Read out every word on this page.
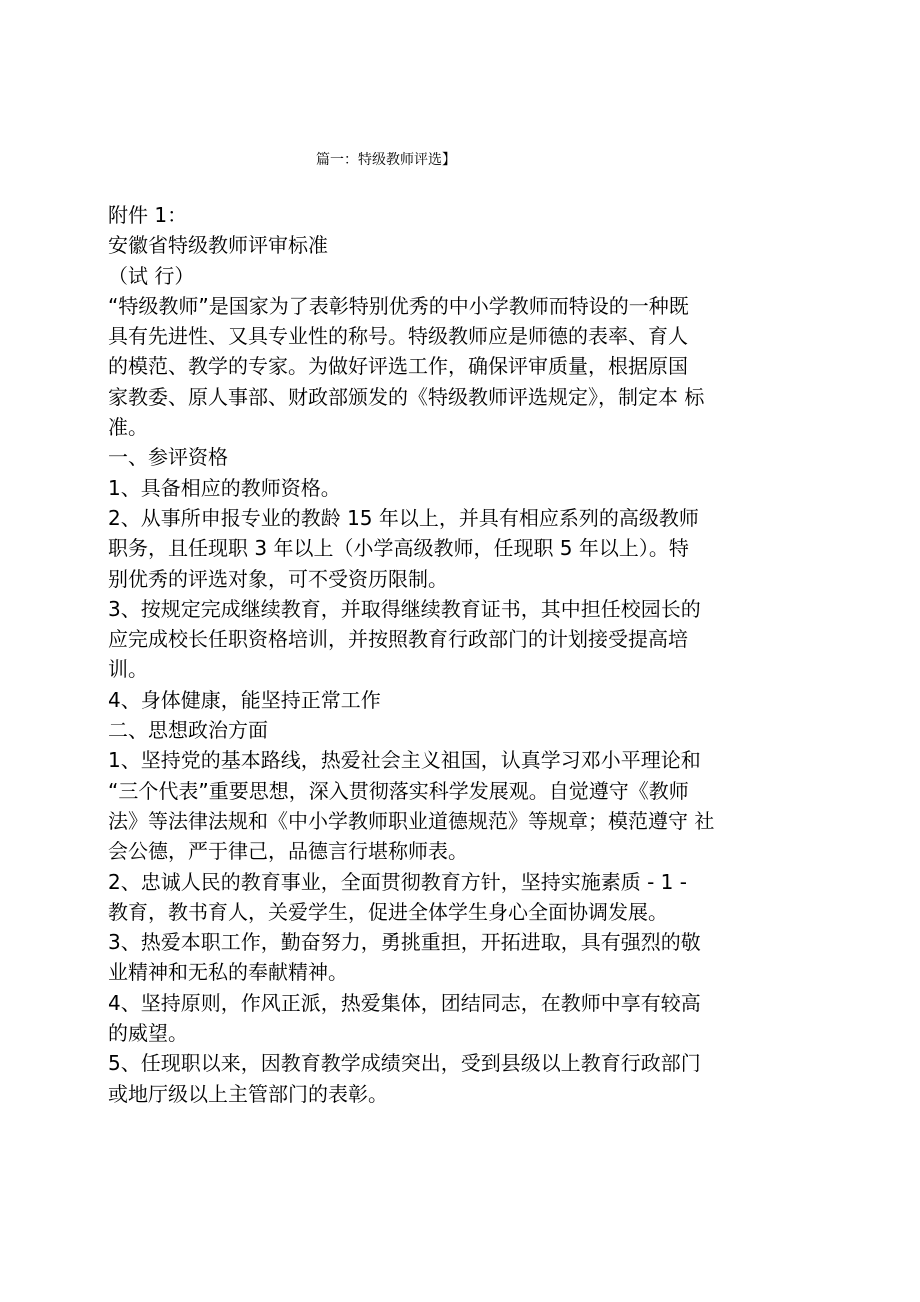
篇一：特级教师评选】
附件 1：
安徽省特级教师评审标准
（试 行）
“特级教师”是国家为了表彰特别优秀的中小学教师而特设的一种既
具有先进性、又具专业性的称号。特级教师应是师德的表率、育人
的模范、教学的专家。为做好评选工作，确保评审质量，根据原国
家教委、原人事部、财政部颁发的《特级教师评选规定》，制定本 标
准。
一、参评资格
1、具备相应的教师资格。
2、从事所申报专业的教龄 15 年以上，并具有相应系列的高级教师
职务，且任现职 3 年以上（小学高级教师，任现职 5 年以上）。特
别优秀的评选对象，可不受资历限制。
3、按规定完成继续教育，并取得继续教育证书，其中担任校园长的
应完成校长任职资格培训，并按照教育行政部门的计划接受提高培
训。
4、身体健康，能坚持正常工作
二、思想政治方面
1、坚持党的基本路线，热爱社会主义祖国，认真学习邓小平理论和
“三个代表”重要思想，深入贯彻落实科学发展观。自觉遵守《教师
法》等法律法规和《中小学教师职业道德规范》等规章；模范遵守 社
会公德，严于律己，品德言行堪称师表。
2、忠诚人民的教育事业，全面贯彻教育方针，坚持实施素质 - 1 -
教育，教书育人，关爱学生，促进全体学生身心全面协调发展。
3、热爱本职工作，勤奋努力，勇挑重担，开拓进取，具有强烈的敬
业精神和无私的奉献精神。
4、坚持原则，作风正派，热爱集体，团结同志，在教师中享有较高
的威望。
5、任现职以来，因教育教学成绩突出，受到县级以上教育行政部门
或地厅级以上主管部门的表彰。
